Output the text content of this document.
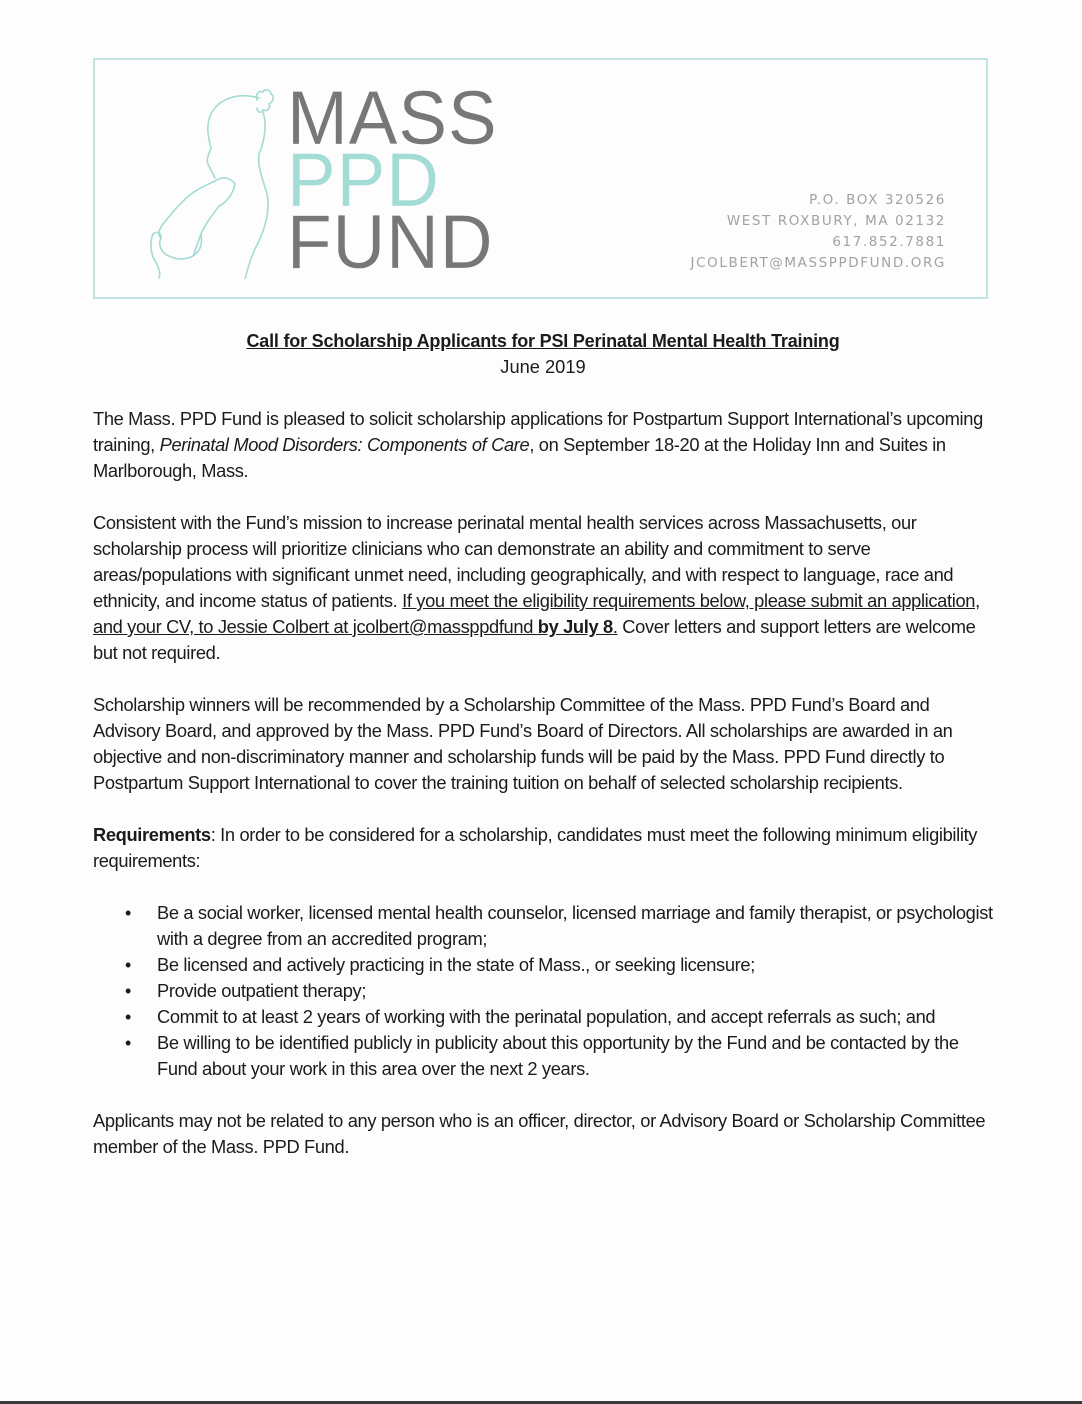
MASS
PPD
FUND	P.O. BOX 320526
WEST ROXBURY, MA 02132
617.852.7881
JCOLBERT@MASSPPDFUND.ORG
Call for Scholarship Applicants for PSI Perinatal Mental Health Training
June 2019

The Mass. PPD Fund is pleased to solicit scholarship applications for Postpartum Support International’s upcoming training, Perinatal Mood Disorders: Components of Care, on September 18-20 at the Holiday Inn and Suites in Marlborough, Mass.

Consistent with the Fund’s mission to increase perinatal mental health services across Massachusetts, our scholarship process will prioritize clinicians who can demonstrate an ability and commitment to serve areas/populations with significant unmet need, including geographically, and with respect to language, race and ethnicity, and income status of patients. If you meet the eligibility requirements below, please submit an application, and your CV, to Jessie Colbert at jcolbert@massppdfund by July 8. Cover letters and support letters are welcome but not required.

Scholarship winners will be recommended by a Scholarship Committee of the Mass. PPD Fund’s Board and Advisory Board, and approved by the Mass. PPD Fund’s Board of Directors. All scholarships are awarded in an objective and non-discriminatory manner and scholarship funds will be paid by the Mass. PPD Fund directly to Postpartum Support International to cover the training tuition on behalf of selected scholarship recipients.

Requirements: In order to be considered for a scholarship, candidates must meet the following minimum eligibility requirements:

• Be a social worker, licensed mental health counselor, licensed marriage and family therapist, or psychologist with a degree from an accredited program;
• Be licensed and actively practicing in the state of Mass., or seeking licensure;
• Provide outpatient therapy;
• Commit to at least 2 years of working with the perinatal population, and accept referrals as such; and
• Be willing to be identified publicly in publicity about this opportunity by the Fund and be contacted by the Fund about your work in this area over the next 2 years.

Applicants may not be related to any person who is an officer, director, or Advisory Board or Scholarship Committee member of the Mass. PPD Fund.
